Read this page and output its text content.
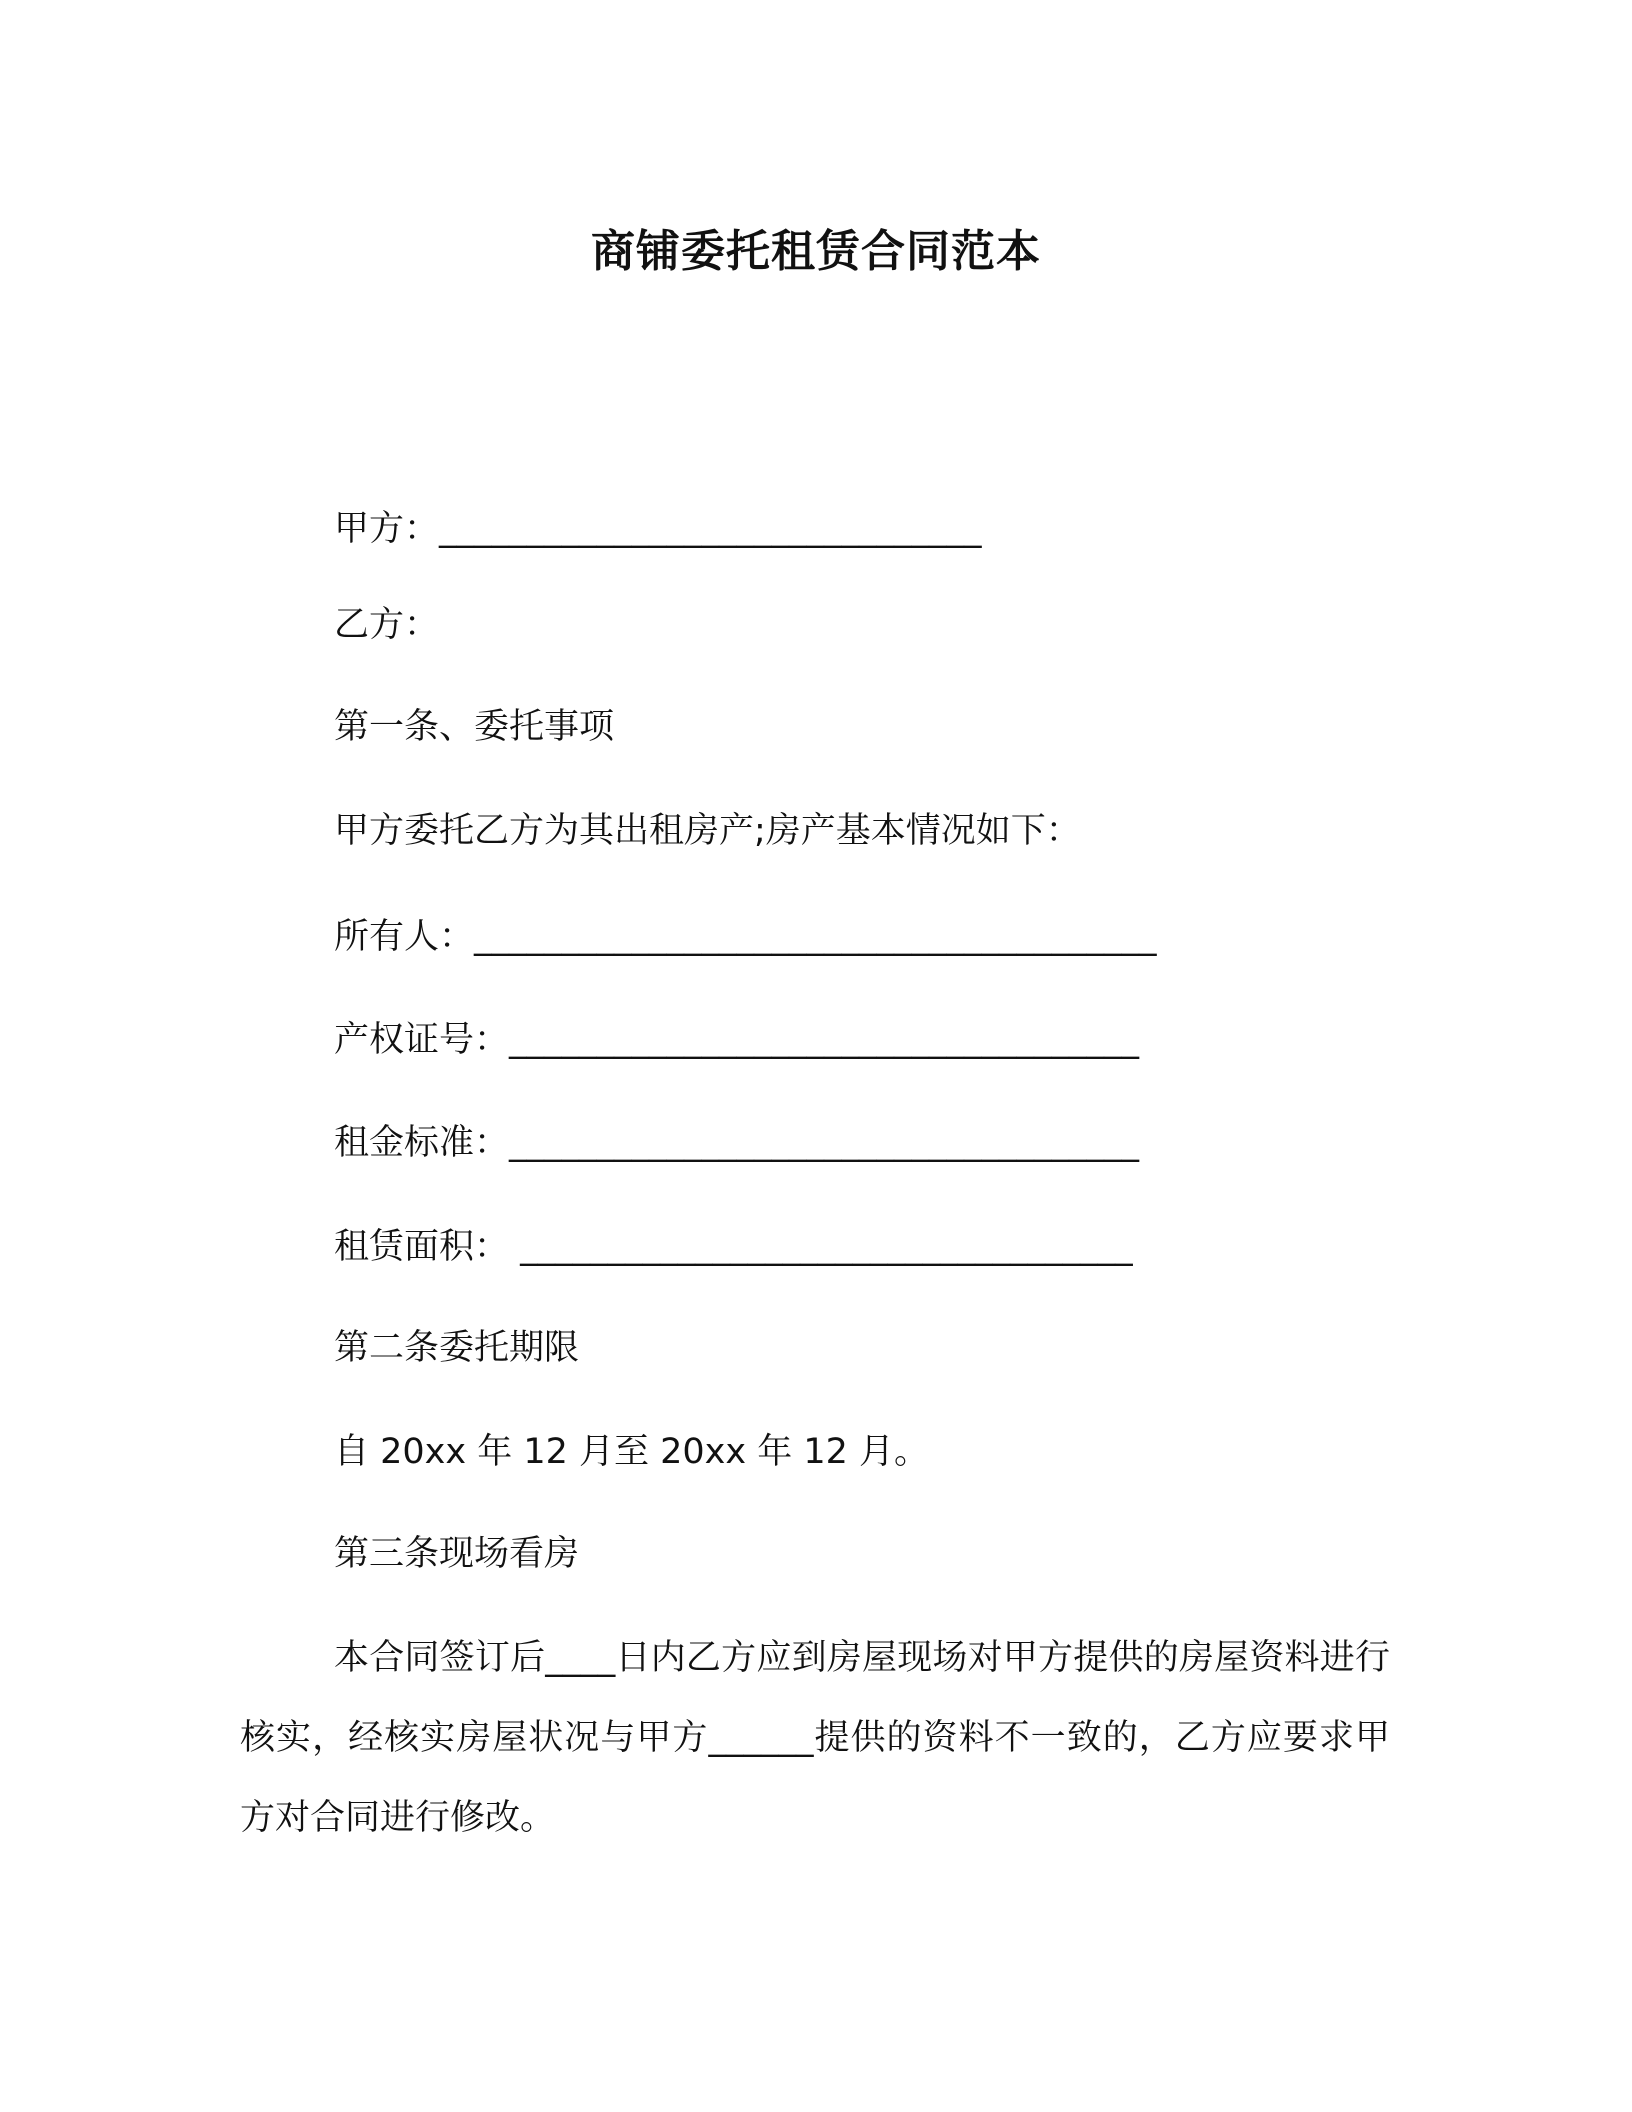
商铺委托租赁合同范本
甲方：_______________________________
乙方：
第一条、委托事项
甲方委托乙方为其出租房产;房产基本情况如下：
所有人：_______________________________________
产权证号：____________________________________
租金标准：____________________________________
租赁面积： ___________________________________
第二条委托期限
自 20xx 年 12 月至 20xx 年 12 月。
第三条现场看房
本合同签订后____日内乙方应到房屋现场对甲方提供的房屋资料进行核实，经核实房屋状况与甲方______提供的资料不一致的，乙方应要求甲方对合同进行修改。
